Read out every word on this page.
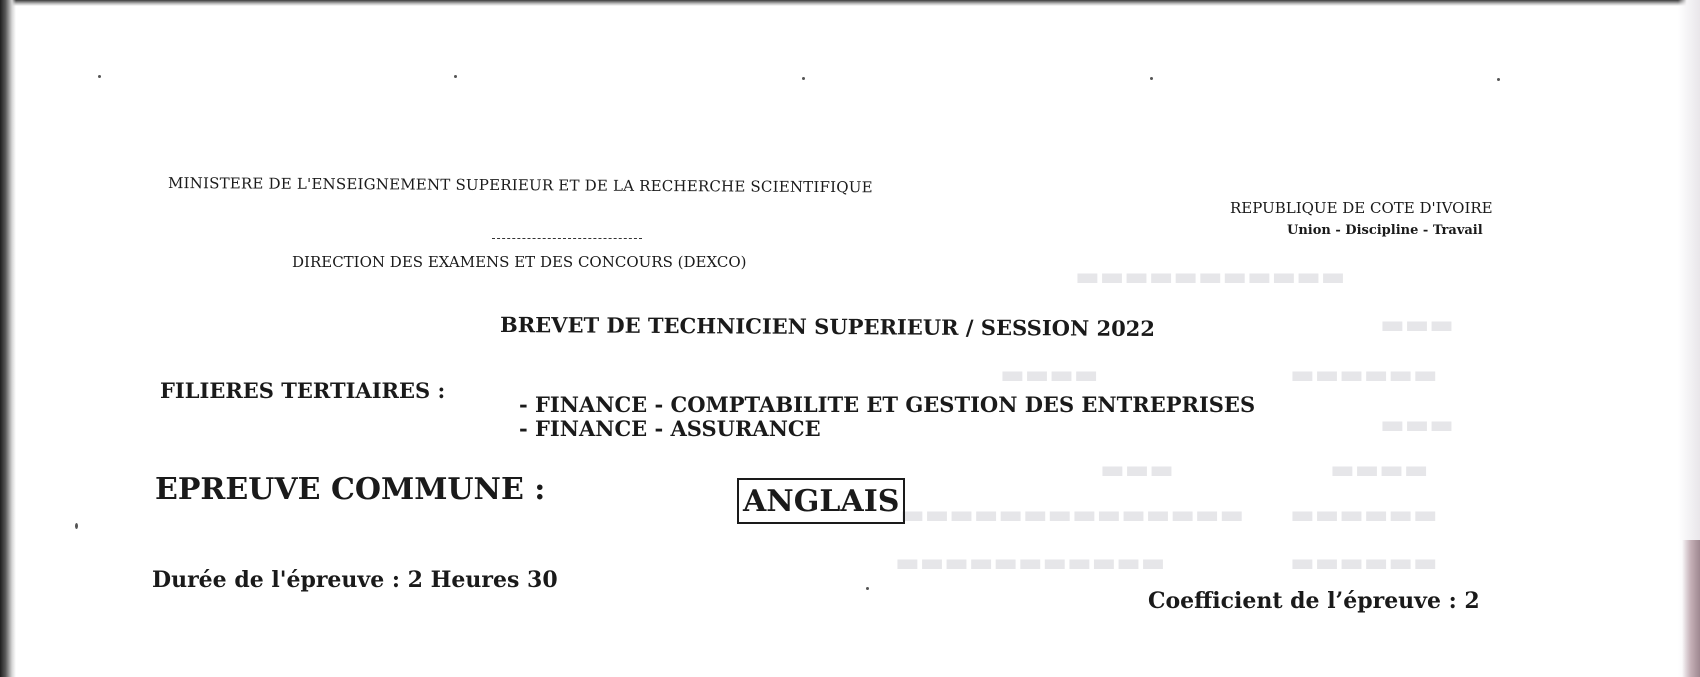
▬▬▬▬▬▬▬▬▬▬▬
▬▬▬
▬▬▬▬▬▬
▬▬▬▬
▬▬▬
▬▬▬▬
▬▬▬
▬▬▬▬▬▬
▬▬▬▬▬▬▬▬▬▬▬▬▬▬
▬▬▬▬▬▬
▬▬▬▬▬▬▬▬▬▬▬
MINISTERE DE L'ENSEIGNEMENT SUPERIEUR ET DE LA RECHERCHE SCIENTIFIQUE
REPUBLIQUE DE COTE D'IVOIRE
Union - Discipline - Travail
DIRECTION DES EXAMENS ET DES CONCOURS (DEXCO)
BREVET DE TECHNICIEN SUPERIEUR / SESSION 2022
FILIERES TERTIAIRES :
- FINANCE - COMPTABILITE ET GESTION DES ENTREPRISES
- FINANCE - ASSURANCE
EPREUVE COMMUNE :	ANGLAIS
Durée de l'épreuve : 2 Heures 30
Coefficient de l’épreuve : 2
